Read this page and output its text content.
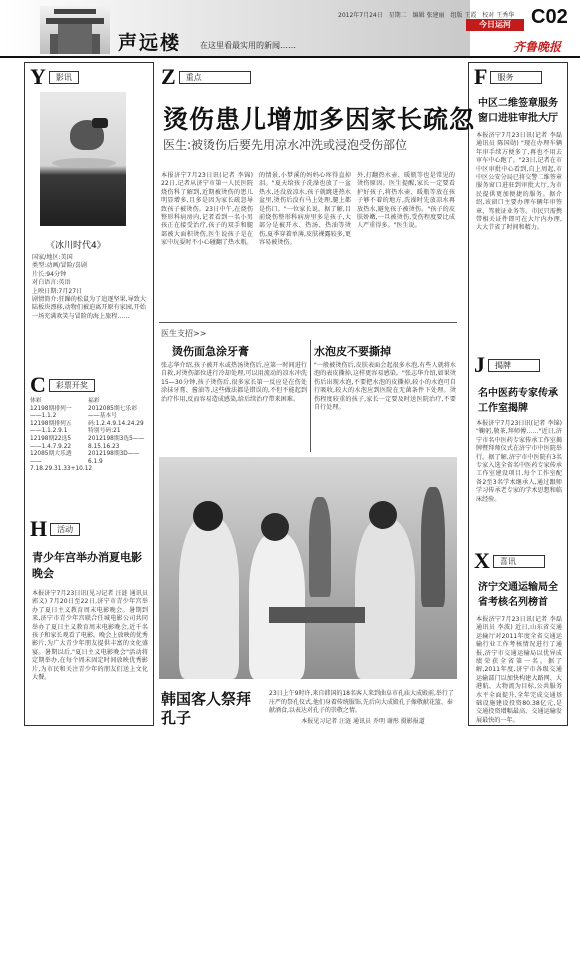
声远楼 在这里看最实用的新闻……
2012年7月24日 星期二 编辑 张建丽 组版 王霞 校对 王秀华
今日运河	C02
齐鲁晚报
Y	影讯
《冰川时代4》
国家/地区:美国
类型:动画/冒险/喜剧
片长:94分钟
对白语言:英语
上映日期:7月27日
剧情简介:狂躁的松鼠为了追逐坚果,导致大陆板块漂移,动物们被迫离开原有家园,开始一场充满欢笑与冒险的海上旅程……
C	彩票开奖
体彩
12198期排列一——1.1.2
12198期排列五——1.1.2.9.1
12198期22选5——1.4.7.9.22
12085期大乐透——7.18.29.31.33+10.12
福彩
2012085期七乐彩——基本号码:1.2.4.9.14.24.29特别号码:21
2012198期3选5——8.15.16.23
2012198期3D——6.1.9
H	活动
青少年宫举办消夏电影晚会
本报济宁7月23日讯(见习记者 汪涟 通讯员 郭义) 7月20日至22日,济宁市青少年宫举办了夏日主义教育周末电影晚会。暑期到来,济宁市青少年宫联合任城电影公司共同举办了夏日主义教育周末电影晚会,近千名孩子和家长观看了电影。晚会上放映的优秀影片,为广大青少年朋友提供丰富的文化盛宴。暑期以后,"夏日主义电影晚会"活动将定期举办,在每个周末固定时间放映优秀影片,为市民和关注青少年的朋友们送上文化大餐。
Z	重点
烫伤患儿增加多因家长疏忽
医生:被烫伤后要先用凉水冲洗或浸泡受伤部位
本报济宁7月23日讯(记者 李锦) 22日,记者从济宁市第一人民医院烧伤科了解到,近期被烫伤的患儿明显增多,且多是因为家长疏忽导致孩子被烫伤。23日中午,在烧伤整形科病房内,记者看到一名小男孩正在接受治疗,孩子的双手和腿部被大面积烫伤,医生说孩子是在家中玩耍时不小心碰翻了热水瓶。
的情景,小梦溪的妈妈心疼得直掉泪。"夏天给孩子洗澡也放了一盆热水,还没放凉水,孩子就跳进热水盆里,烫伤后没有马上处理,腿上都是伤口。"一位家长说。据了解,目前烧伤整形科病房里多是孩子,大部分是被开水、热汤、热油等烫伤,夏季穿着单薄,皮肤裸露较多,更容易被烫伤。
外,打翻热水壶、暖瓶等也是常见的烫伤原因。医生提醒,家长一定要看护好孩子,将热水壶、暖瓶等放在孩子够不着的地方,洗澡时先放凉水再放热水,避免孩子被烫伤。"孩子的皮肤娇嫩,一旦被烫伤,受伤程度要比成人严重得多。"医生说。
医生支招>>
烫伤面急涂牙膏
张志华介绍,孩子被开水或热汤烫伤后,应第一时间进行自救,对烫伤部位进行冷却处理,可以用流动的凉水冲洗15—30分钟,孩子烫伤后,很多家长第一反应是在伤处涂抹牙膏、酱油等,这些做法都是错误的,不但不能起到治疗作用,反而容易造成感染,给后续治疗带来困难。
水泡皮不要撕掉
"一般被烫伤后,皮肤表面会起很多水泡,有些人就将水泡的表皮撕掉,这样更容易感染。"张志华介绍,如果烫伤后出现水泡,不要把水泡的皮撕掉,较小的水泡可自行吸收,较大的水泡应到医院在无菌条件下处理。烫伤程度较重的孩子,家长一定要及时送医院治疗,不要自行处理。
韩国客人祭拜孔子
23日上午9时许,来自韩国的18名客人来到曲阜市孔庙大成殿前,举行了庄严的祭孔仪式,他们身着传统服饰,先后向大成殿孔子像敬献花篮、奉献酒食,以表达对孔子的崇敬之情。
本报见习记者 汪涟 通讯员 乔明 谢彤 摄影报道
F	服务
中区二维签章服务窗口进驻审批大厅
本报济宁7月23日讯(记者 李磊 通讯员 陈国勋) "现在办理车辆年审手续方便多了,再也不用去审车中心跑了。"23日,记者在市中区审批中心看到,自上周起,市中区公安分局已将交警二维签章服务窗口进驻到审批大厅,为市民提供更加便捷的服务。据介绍,该窗口主要办理车辆年审签章、驾驶证业务等。市民只需携带相关证件即可在大厅内办理,大大节省了时间和精力。
J	揭牌
名中医药专家传承工作室揭牌
本报济宁7月23日讯(记者 李锦) "鞠躬,敬茶,拜师傅……"近日,济宁市名中医药专家传承工作室揭牌暨拜师仪式在济宁市中医院举行。据了解,济宁市中医院有3名专家入选全省名中医药专家传承工作室建设项目,每个工作室配备2至3名学术继承人,通过跟师学习传承老专家的学术思想和临床经验。
X	喜讯
济宁交通运输局全省考核名列榜首
本报济宁7月23日讯(记者 李磊 通讯员 李波) 近日,山东省交通运输厅对2011年度全省交通运输行业工作考核情况进行了通报,济宁市交通运输局以优异成绩荣获全省第一名。据了解,2011年度,济宁市各级交通运输部门以加快构建大路网、大港航、大物流为目标,公共服务水平全面提升,全年完成交通基础设施建设投资80.38亿元,是交通投资增幅最高、交通运输发展最快的一年。
